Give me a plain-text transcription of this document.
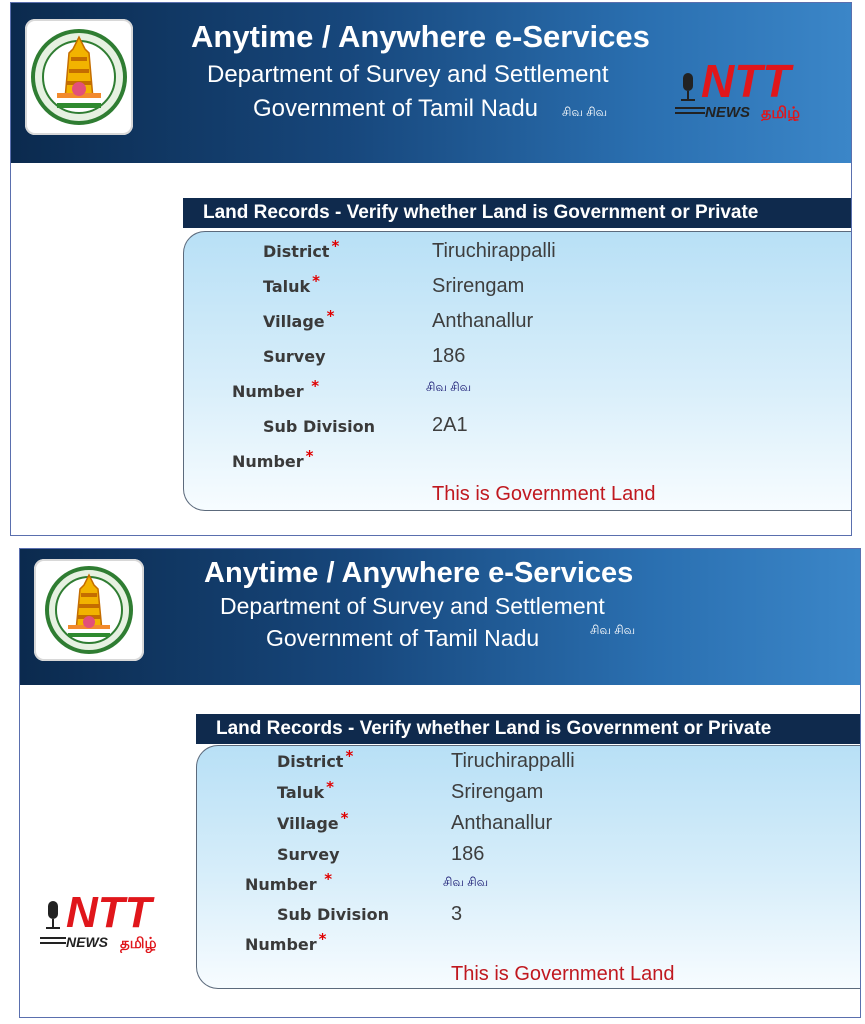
Anytime / Anywhere e-Services
Department of Survey and Settlement
Government of Tamil Nadu சிவ சிவ
NTT
NEWS தமிழ்
Land Records - Verify whether Land is Government or Private
District *	Tiruchirappalli
Taluk *	Srirengam
Village *	Anthanallur
Survey	186
Number *	சிவ சிவ
Sub Division	2A1
Number *
This is Government Land
Anytime / Anywhere e-Services
Department of Survey and Settlement
Government of Tamil Nadu	சிவ சிவ
NTT
NEWS தமிழ்
Land Records - Verify whether Land is Government or Private
District *	Tiruchirappalli
Taluk *	Srirengam
Village *	Anthanallur
Survey	186
Number *	சிவ சிவ
Sub Division	3
Number *
This is Government Land
